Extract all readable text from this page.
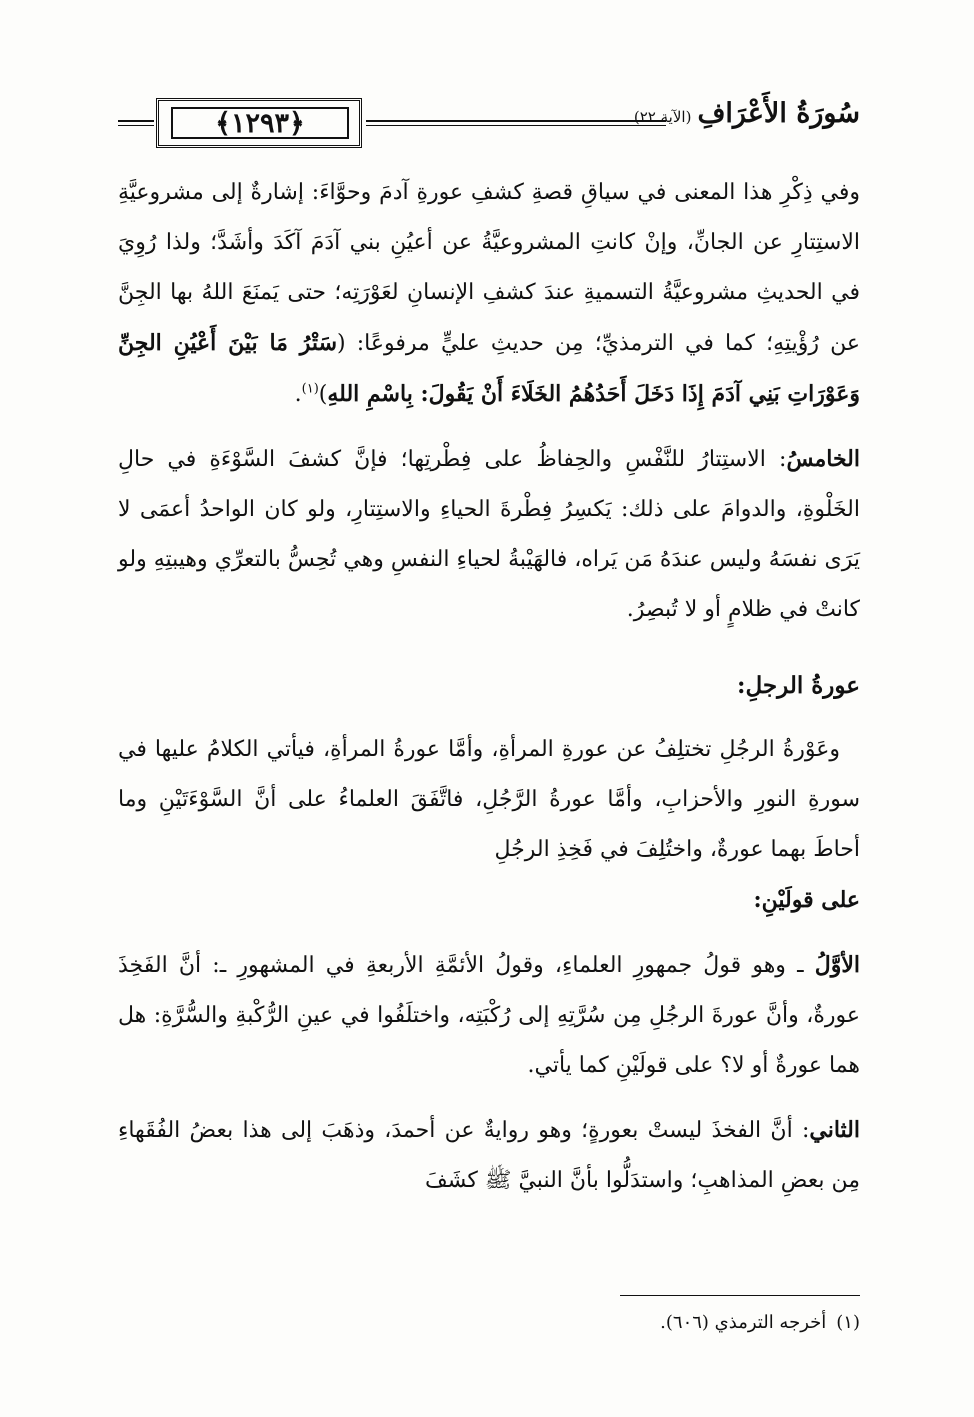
﴿١٢٩٣﴾	سُورَةُ الأَعْرَافِ
(الآية ٢٢)

وفي ذِكْرِ هذا المعنى في سياقِ قصةِ كشفِ عورةِ آدمَ وحوَّاءَ: إشارةٌ إلى مشروعيَّةِ الاستِتارِ عن الجانِّ، وإنْ كانتِ المشروعيَّةُ عن أعيُنِ بني آدَمَ آكَدَ وأشَدَّ؛ ولذا رُوِيَ في الحديثِ مشروعيَّةُ التسميةِ عندَ كشفِ الإنسانِ لعَوْرَتِه؛ حتى يَمنَعَ اللهُ بها الجِنَّ عن رُؤْيتِهِ؛ كما في الترمذيِّ؛ مِن حديثِ عليٍّ مرفوعًا: (سَتْرُ مَا بَيْنَ أَعْيُنِ الجِنِّ وَعَوْرَاتِ بَنِي آدَمَ إِذَا دَخَلَ أَحَدُهُمُ الخَلَاءَ أَنْ يَقُولَ: بِاسْمِ اللهِ)$^{(١)}$.

الخامسُ: الاستِتارُ للنَّفْسِ والحِفاظُ على فِطْرتِها؛ فإنَّ كشفَ السَّوْءَةِ في حالِ الخَلْوةِ، والدوامَ على ذلك: يَكسِرُ فِطْرةَ الحياءِ والاستِتارِ، ولو كان الواحدُ أعمَى لا يَرَى نفسَهُ وليس عندَهُ مَن يَراه، فالهَيْبةُ لحياءِ النفسِ وهي تُحِسُّ بالتعرِّي وهيبتِهِ ولو كانتْ في ظلامٍ أو لا تُبصِرُ.

عورةُ الرجلِ:

وعَوْرةُ الرجُلِ تختلِفُ عن عورةِ المرأةِ، وأمَّا عورةُ المرأةِ، فيأتي الكلامُ عليها في سورةِ النورِ والأحزابِ، وأمَّا عورةُ الرَّجُلِ، فاتَّفَقَ العلماءُ على أنَّ السَّوْءَتَيْنِ وما أحاطَ بهما عورةٌ، واختُلِفَ في فَخِذِ الرجُلِ
على قولَيْنِ:

الأوَّلُ ـ وهو قولُ جمهورِ العلماءِ، وقولُ الأئمَّةِ الأربعةِ في المشهورِ ـ: أنَّ الفَخِذَ عورةٌ، وأنَّ عورةَ الرجُلِ مِن سُرَّتِهِ إلى رُكْبَتِه، واختلَفُوا في عينِ الرُّكْبةِ والسُّرَّةِ: هل هما عورةٌ أو لا؟ على قولَيْنِ كما يأتي.

الثاني: أنَّ الفخذَ ليستْ بعورةٍ؛ وهو روايةٌ عن أحمدَ، وذهَبَ إلى هذا بعضُ الفُقَهاءِ مِن بعضِ المذاهبِ؛ واستدَلُّوا بأنَّ النبيَّ ﷺ كشَفَ

(١)أخرجه الترمذي (٦٠٦).
